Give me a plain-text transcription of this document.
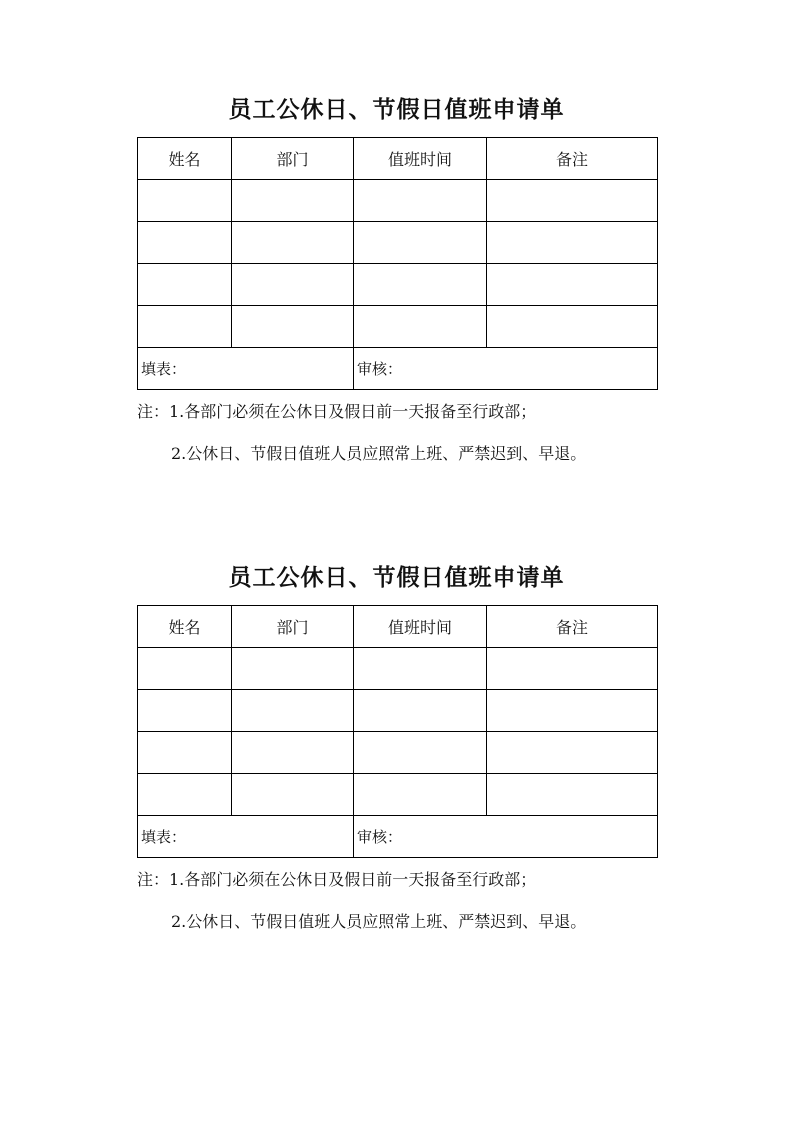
员工公休日、节假日值班申请单
姓名	部门	值班时间	备注

填表：		审核：	
注：1.各部门必须在公休日及假日前一天报备至行政部；
2.公休日、节假日值班人员应照常上班、严禁迟到、早退。
员工公休日、节假日值班申请单
姓名	部门	值班时间	备注

填表：		审核：	
注：1.各部门必须在公休日及假日前一天报备至行政部；
2.公休日、节假日值班人员应照常上班、严禁迟到、早退。
